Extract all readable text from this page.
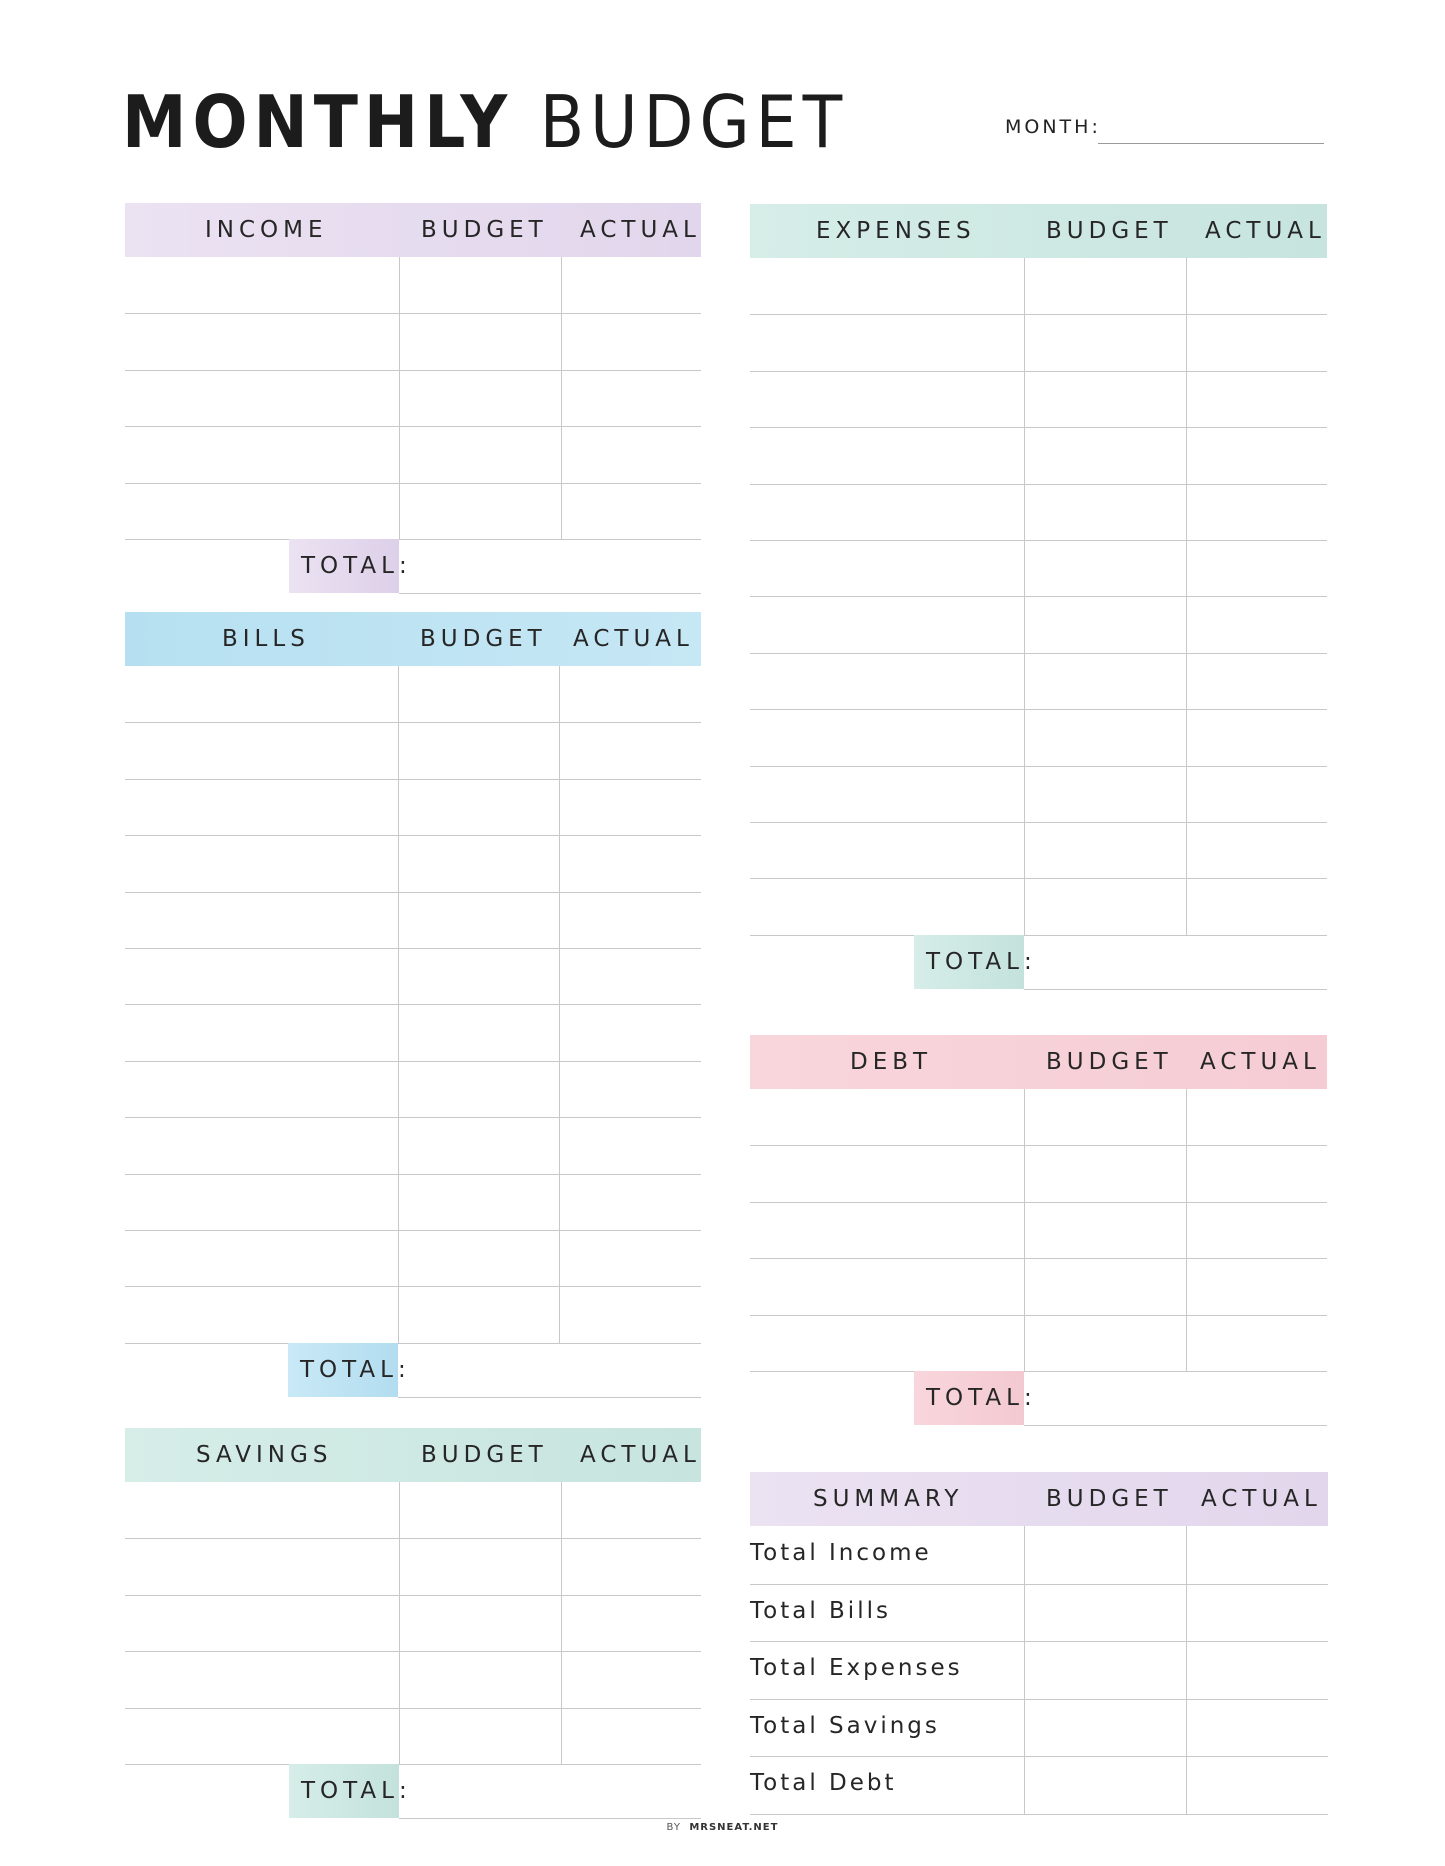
MONTHLY BUDGET	MONTH:
INCOME	BUDGET ACTUAL
TOTAL:
BILLS	BUDGET ACTUAL
TOTAL:
SAVINGS	BUDGET ACTUAL
TOTAL:
EXPENSES	BUDGET ACTUAL
TOTAL:
DEBT	BUDGET ACTUAL
TOTAL:
SUMMARY	BUDGET ACTUAL
Total Income
Total Bills
Total Expenses
Total Savings
Total Debt
BY MRSNEAT.NET
